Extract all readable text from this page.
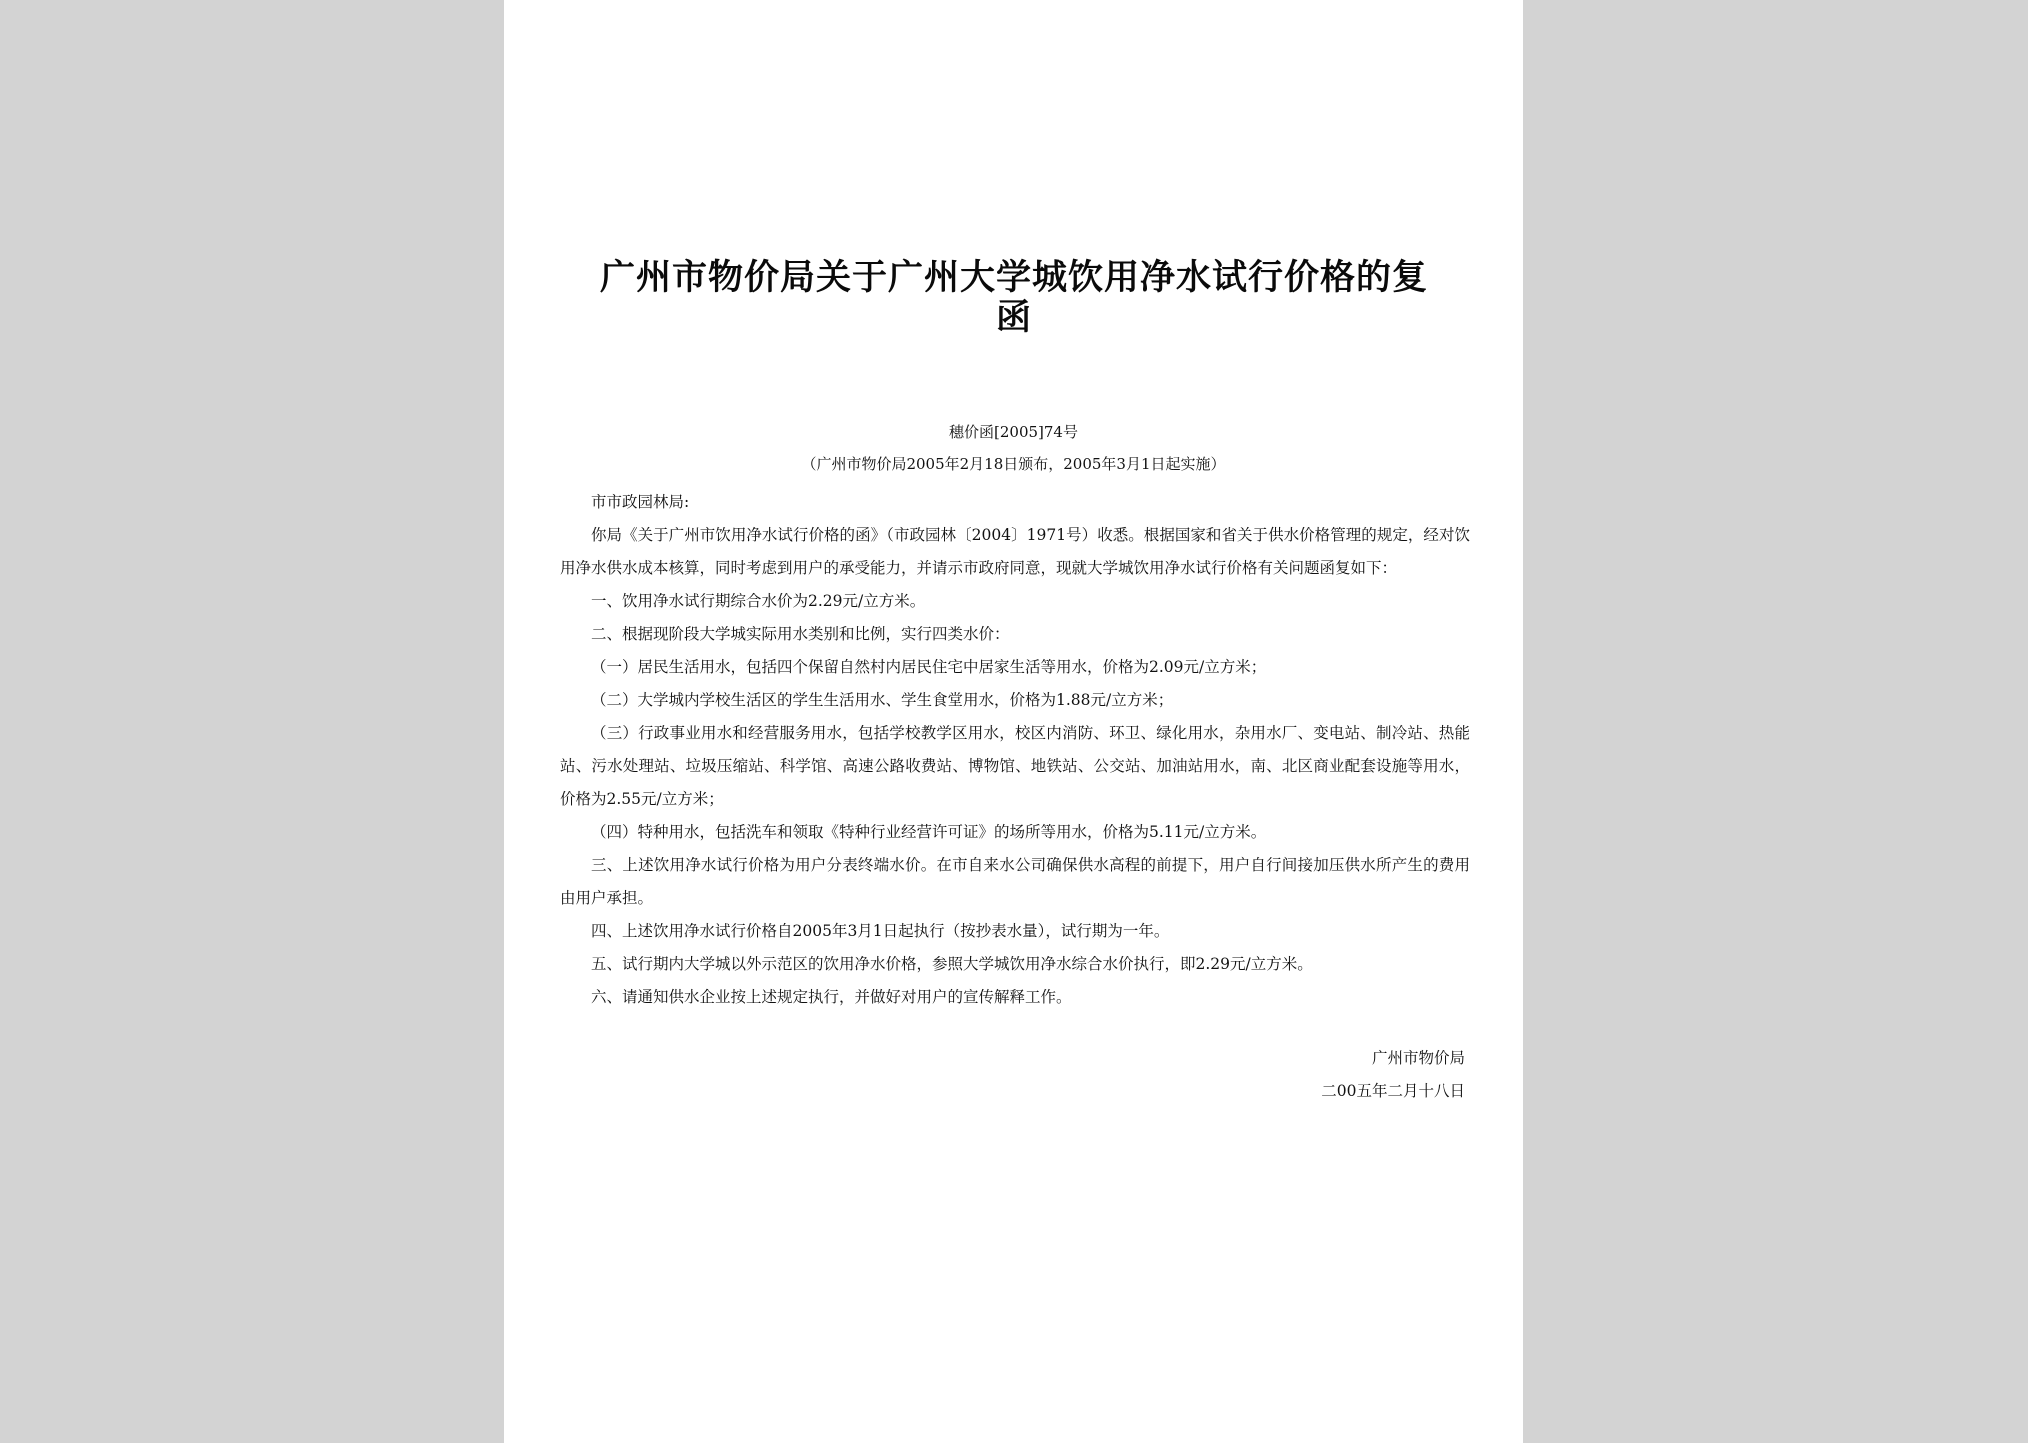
广州市物价局关于广州大学城饮用净水试行价格的复函
穗价函[2005]74号
（广州市物价局2005年2月18日颁布，2005年3月1日起实施）

市市政园林局:

你局《关于广州市饮用净水试行价格的函》（市政园林〔2004〕1971号）收悉。根据国家和省关于供水价格管理的规定，经对饮用净水供水成本核算，同时考虑到用户的承受能力，并请示市政府同意，现就大学城饮用净水试行价格有关问题函复如下：

一、饮用净水试行期综合水价为2.29元/立方米。

二、根据现阶段大学城实际用水类别和比例，实行四类水价：

（一）居民生活用水，包括四个保留自然村内居民住宅中居家生活等用水，价格为2.09元/立方米；

（二）大学城内学校生活区的学生生活用水、学生食堂用水，价格为1.88元/立方米；

（三）行政事业用水和经营服务用水，包括学校教学区用水，校区内消防、环卫、绿化用水，杂用水厂、变电站、制冷站、热能站、污水处理站、垃圾压缩站、科学馆、高速公路收费站、博物馆、地铁站、公交站、加油站用水，南、北区商业配套设施等用水，价格为2.55元/立方米；

（四）特种用水，包括洗车和领取《特种行业经营许可证》的场所等用水，价格为5.11元/立方米。

三、上述饮用净水试行价格为用户分表终端水价。在市自来水公司确保供水高程的前提下，用户自行间接加压供水所产生的费用由用户承担。

四、上述饮用净水试行价格自2005年3月1日起执行（按抄表水量），试行期为一年。

五、试行期内大学城以外示范区的饮用净水价格，参照大学城饮用净水综合水价执行，即2.29元/立方米。

六、请通知供水企业按上述规定执行，并做好对用户的宣传解释工作。

广州市物价局
二00五年二月十八日
